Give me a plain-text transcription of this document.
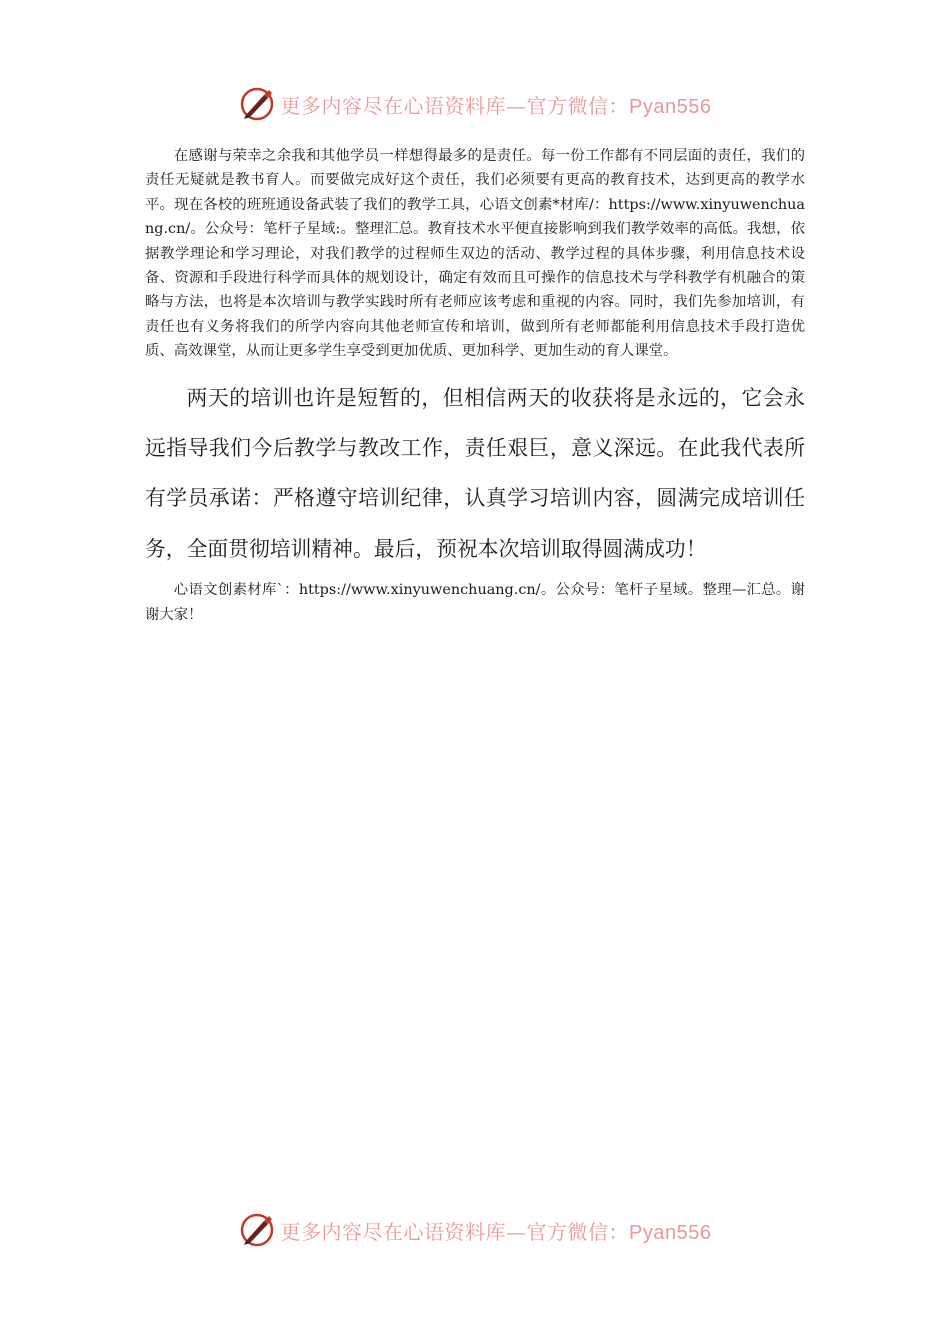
更多内容尽在心语资料库—官方微信：Pyan556

在感谢与荣幸之余我和其他学员一样想得最多的是责任。每一份工作都有不同层面的责任，我们的责任无疑就是教书育人。而要做完成好这个责任，我们必须要有更高的教育技术，达到更高的教学水平。现在各校的班班通设备武装了我们的教学工具，心语文创素*材库/：https://www.xinyuwenchuang.cn/。公众号：笔杆子星域:。整理汇总。教育技术水平便直接影响到我们教学效率的高低。我想，依据教学理论和学习理论，对我们教学的过程师生双边的活动、教学过程的具体步骤，利用信息技术设备、资源和手段进行科学而具体的规划设计，确定有效而且可操作的信息技术与学科教学有机融合的策略与方法，也将是本次培训与教学实践时所有老师应该考虑和重视的内容。同时，我们先参加培训，有责任也有义务将我们的所学内容向其他老师宣传和培训，做到所有老师都能利用信息技术手段打造优质、高效课堂，从而让更多学生享受到更加优质、更加科学、更加生动的育人课堂。

两天的培训也许是短暂的，但相信两天的收获将是永远的，它会永远指导我们今后教学与教改工作，责任艰巨，意义深远。在此我代表所有学员承诺：严格遵守培训纪律，认真学习培训内容，圆满完成培训任务，全面贯彻培训精神。最后，预祝本次培训取得圆满成功！

心语文创素材库`：https://www.xinyuwenchuang.cn/。公众号：笔杆子星域。整理—汇总。谢谢大家！

更多内容尽在心语资料库—官方微信：Pyan556
